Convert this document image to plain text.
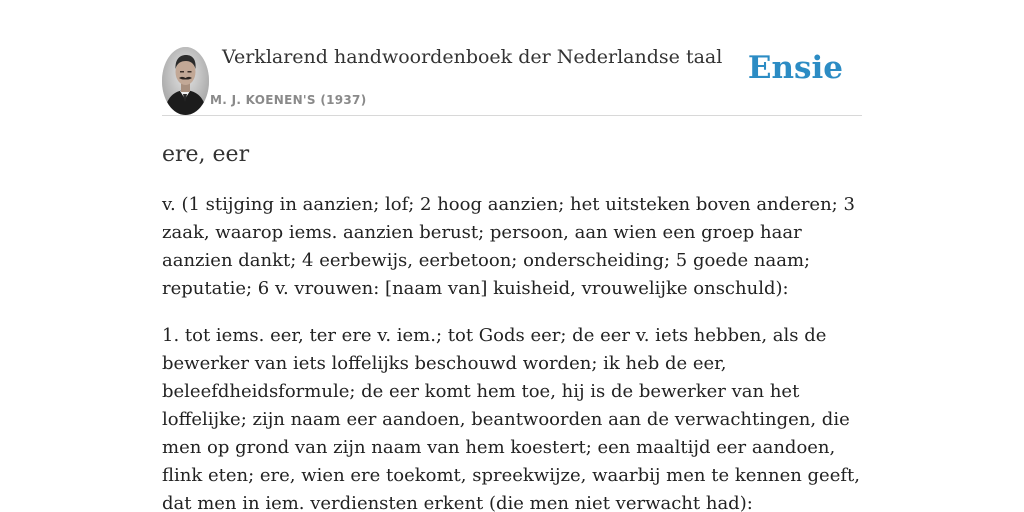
Verklarend handwoordenboek der Nederlandse taal
M. J. KOENEN'S (1937)
Ensie
ere, eer

v. (1 stijging in aanzien; lof; 2 hoog aanzien; het uitsteken boven anderen; 3 zaak, waarop iems. aanzien berust; persoon, aan wien een groep haar aanzien dankt; 4 eerbewijs, eerbetoon; onderscheiding; 5 goede naam; reputatie; 6 v. vrouwen: [naam van] kuisheid, vrouwelijke onschuld):

1. tot iems. eer, ter ere v. iem.; tot Gods eer; de eer v. iets hebben, als de bewerker van iets loffelijks beschouwd worden; ik heb de eer, beleefdheidsformule; de eer komt hem toe, hij is de bewerker van het loffelijke; zijn naam eer aandoen, beantwoorden aan de verwachtingen, die men op grond van zijn naam van hem koestert; een maaltijd eer aandoen, flink eten; ere, wien ere toekomt, spreekwijze, waarbij men te kennen geeft, dat men in iem. verdiensten erkent (die men niet verwacht had):
